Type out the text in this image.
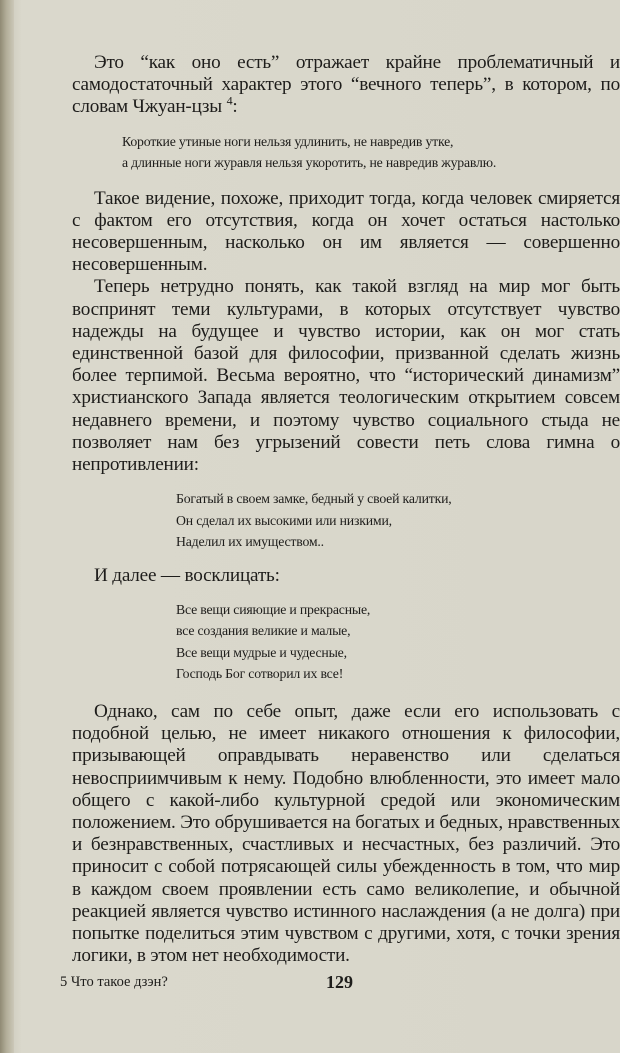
Это “как оно есть” отражает крайне проблематичный и самодостаточный характер этого “вечного теперь”, в котором, по словам Чжуан-цзы $^4$:

Короткие утиные ноги нельзя удлинить, не навредив утке,
а длинные ноги журавля нельзя укоротить, не навредив журавлю.

Такое видение, похоже, приходит тогда, когда человек смиряется с фактом его отсутствия, когда он хочет остаться настолько несовершенным, насколько он им является — совершенно несовершенным.

Теперь нетрудно понять, как такой взгляд на мир мог быть воспринят теми культурами, в которых отсутствует чувство надежды на будущее и чувство истории, как он мог стать единственной базой для философии, призванной сделать жизнь более терпимой. Весьма вероятно, что “исторический динамизм” христианского Запада является теологическим открытием совсем недавнего времени, и поэтому чувство социального стыда не позволяет нам без угрызений совести петь слова гимна о непротивлении:

Богатый в своем замке, бедный у своей калитки,
Он сделал их высокими или низкими,
Наделил их имуществом..

И далее — восклицать:

Все вещи сияющие и прекрасные,
все создания великие и малые,
Все вещи мудрые и чудесные,
Господь Бог сотворил их все!

Однако, сам по себе опыт, даже если его использовать с подобной целью, не имеет никакого отношения к философии, призывающей оправдывать неравенство или сделаться невосприимчивым к нему. Подобно влюбленности, это имеет мало общего с какой-либо культурной средой или экономическим положением. Это обрушивается на богатых и бедных, нравственных и безнравственных, счастливых и несчастных, без различий. Это приносит с собой потрясающей силы убежденность в том, что мир в каждом своем проявлении есть само великолепие, и обычной реакцией является чувство истинного наслаждения (а не долга) при попытке поделиться этим чувством с другими, хотя, с точки зрения логики, в этом нет необходимости.

5 Что такое дзэн?	129
